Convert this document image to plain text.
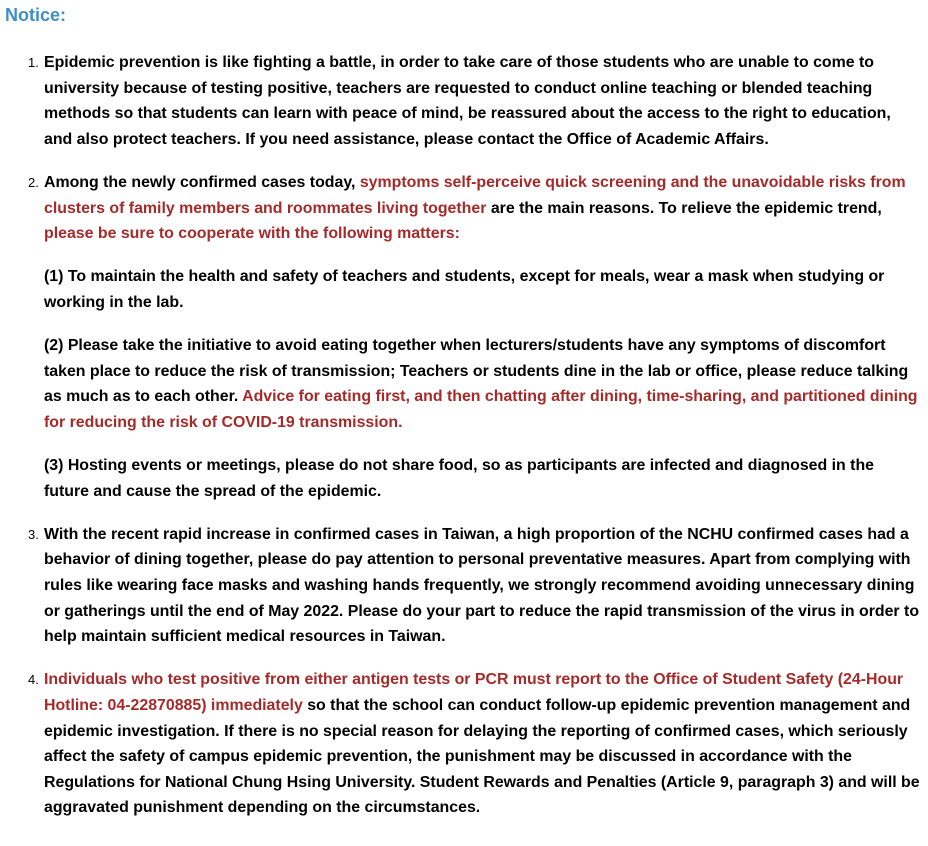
Notice:
1. Epidemic prevention is like fighting a battle, in order to take care of those students who are unable to come to university because of testing positive, teachers are requested to conduct online teaching or blended teaching methods so that students can learn with peace of mind, be reassured about the access to the right to education, and also protect teachers. If you need assistance, please contact the Office of Academic Affairs.
2. Among the newly confirmed cases today, symptoms self-perceive quick screening and the unavoidable risks from clusters of family members and roommates living together are the main reasons. To relieve the epidemic trend, please be sure to cooperate with the following matters:
(1) To maintain the health and safety of teachers and students, except for meals, wear a mask when studying or working in the lab.
(2) Please take the initiative to avoid eating together when lecturers/students have any symptoms of discomfort taken place to reduce the risk of transmission; Teachers or students dine in the lab or office, please reduce talking as much as to each other. Advice for eating first, and then chatting after dining, time-sharing, and partitioned dining for reducing the risk of COVID-19 transmission.
(3) Hosting events or meetings, please do not share food, so as participants are infected and diagnosed in the future and cause the spread of the epidemic.
3. With the recent rapid increase in confirmed cases in Taiwan, a high proportion of the NCHU confirmed cases had a behavior of dining together, please do pay attention to personal preventative measures. Apart from complying with rules like wearing face masks and washing hands frequently, we strongly recommend avoiding unnecessary dining or gatherings until the end of May 2022. Please do your part to reduce the rapid transmission of the virus in order to help maintain sufficient medical resources in Taiwan.
4. Individuals who test positive from either antigen tests or PCR must report to the Office of Student Safety (24-Hour Hotline: 04-22870885) immediately so that the school can conduct follow-up epidemic prevention management and epidemic investigation. If there is no special reason for delaying the reporting of confirmed cases, which seriously affect the safety of campus epidemic prevention, the punishment may be discussed in accordance with the Regulations for National Chung Hsing University. Student Rewards and Penalties (Article 9, paragraph 3) and will be aggravated punishment depending on the circumstances.
